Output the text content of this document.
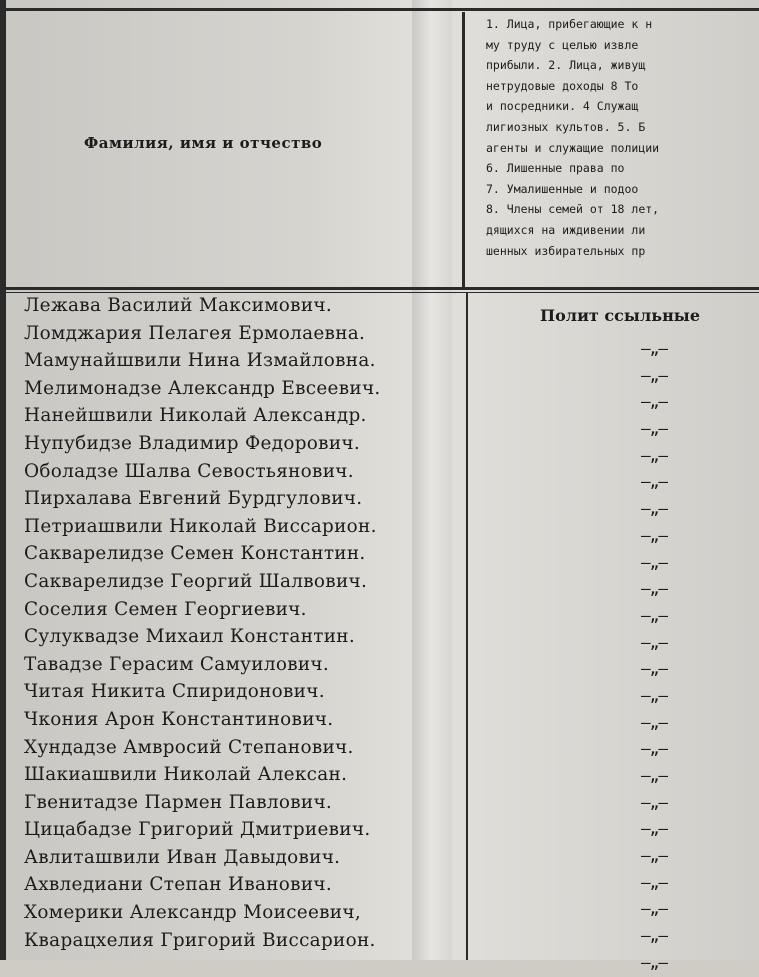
Фамилия, имя и отчество
1. Лица, прибегающие к н
му труду с целью извле
прибыли. 2. Лица, живущ
нетрудовые доходы 8 То
и посредники. 4 Служащ
лигиозных культов. 5. Б
агенты и служащие полиции
6. Лишенные права по
7. Умалишенные и подоо
8. Члены семей от 18 лет,
дящихся на иждивении ли
шенных избирательных пр
Лежава Василий Максимович.
Ломджария Пелагея Ермолаевна.
Мамунайшвили Нина Измайловна.
Мелимонадзе Александр Евсеевич.
Нанейшвили Николай Александр.
Нупубидзе Владимир Федорович.
Оболадзе Шалва Севостьянович.
Пирхалава Евгений Бурдгулович.
Петриашвили Николай Виссарион.
Сакварелидзе Семен Константин.
Сакварелидзе Георгий Шалвович.
Соселия Семен Георгиевич.
Сулуквадзе Михаил Константин.
Тавадзе Герасим Самуилович.
Читая Никита Спиридонович.
Чкония Арон Константинович.
Хундадзе Амвросий Степанович.
Шакиашвили Николай Алексан.
Гвенитадзе Пармен Павлович.
Цицабадзе Григорий Дмитриевич.
Авлиташвили Иван Давыдович.
Ахвледиани Степан Иванович.
Хомерики Александр Моисеевич,
Кварацхелия Григорий Виссарион.
Полит ссыльные
—„—
—„—
—„—
—„—
—„—
—„—
—„—
—„—
—„—
—„—
—„—
—„—
—„—
—„—
—„—
—„—
—„—
—„—
—„—
—„—
—„—
—„—
—„—
—„—
